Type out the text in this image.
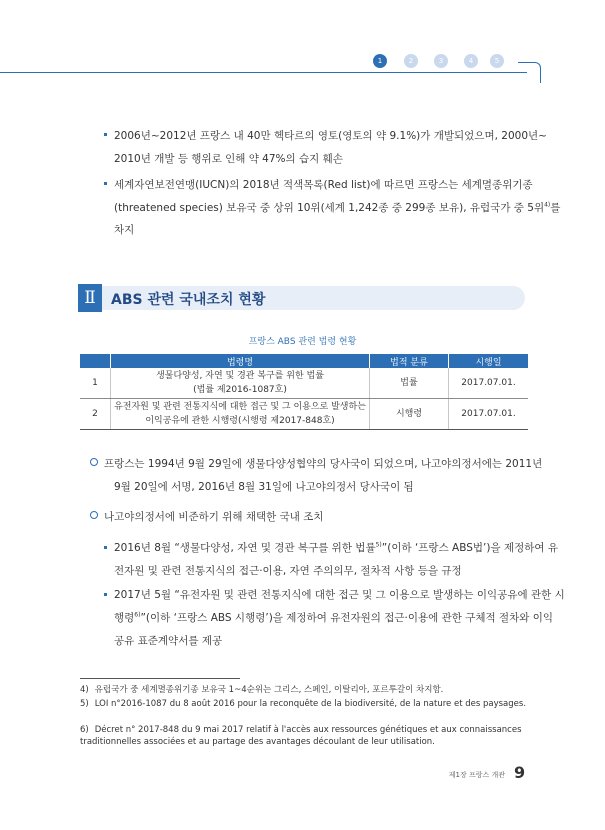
1	2	3	4	5
2006년~2012년 프랑스 내 40만 헥타르의 영토(영토의 약 9.1%)가 개발되었으며, 2000년~
2010년 개발 등 행위로 인해 약 47%의 습지 훼손
세계자연보전연맹(IUCN)의 2018년 적색목록(Red list)에 따르면 프랑스는 세계멸종위기종
(threatened species) 보유국 중 상위 10위(세계 1,242종 중 299종 보유), 유럽국가 중 5위$^{4)}$를
차지
Ⅱ	ABS 관련 국내조치 현황
프랑스 ABS 관련 법령 현황
	법령명	법적 분류	시행일
1	생물다양성, 자연 및 경관 복구를 위한 법률
(법률 제2016-1087호)	법률	2017.07.01.
2	유전자원 및 관련 전통지식에 대한 접근 및 그 이용으로 발생하는
이익공유에 관한 시행령(시행령 제2017-848호)	시행령	2017.07.01.
프랑스는 1994년 9월 29일에 생물다양성협약의 당사국이 되었으며, 나고야의정서에는 2011년
9월 20일에 서명, 2016년 8월 31일에 나고야의정서 당사국이 됨
나고야의정서에 비준하기 위해 채택한 국내 조치
2016년 8월 “생물다양성, 자연 및 경관 복구를 위한 법률$^{5)}$”(이하 ‘프랑스 ABS법’)을 제정하여 유
전자원 및 관련 전통지식의 접근·이용, 자연 주의의무, 절차적 사항 등을 규정
2017년 5월 “유전자원 및 관련 전통지식에 대한 접근 및 그 이용으로 발생하는 이익공유에 관한 시
행령$^{6)}$”(이하 ‘프랑스 ABS 시행령’)을 제정하여 유전자원의 접근·이용에 관한 구체적 절차와 이익
공유 표준계약서를 제공
4) 유럽국가 중 세계멸종위기종 보유국 1~4순위는 그리스, 스페인, 이탈리아, 포르투갈이 차지함.
5) LOI n°2016-1087 du 8 août 2016 pour la reconquête de la biodiversité, de la nature et des paysages.
6) Décret n° 2017-848 du 9 mai 2017 relatif à l'accès aux ressources génétiques et aux connaissances traditionnelles associées et au partage des avantages découlant de leur utilisation.
제1장 프랑스 개관 9
